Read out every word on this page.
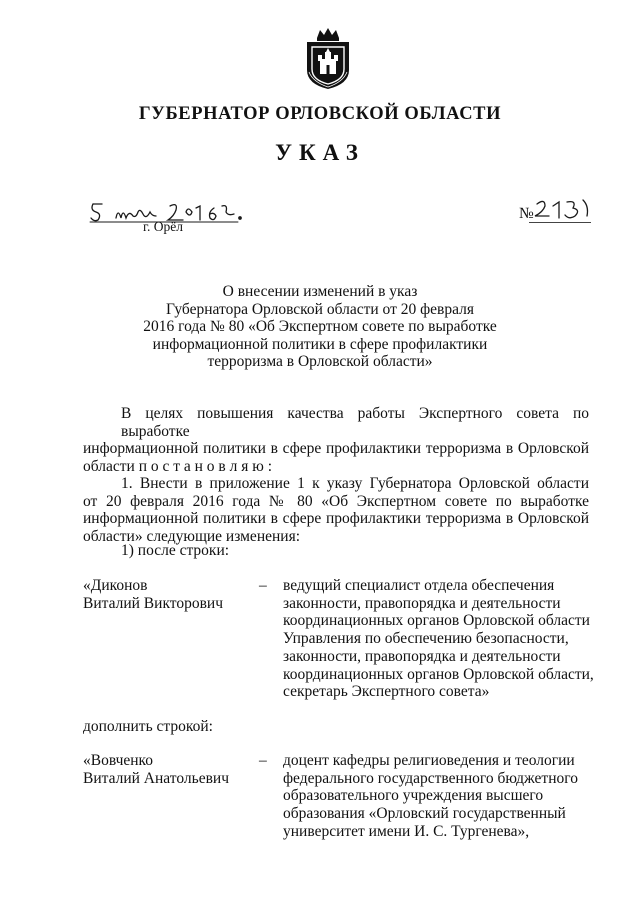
ГУБЕРНАТОР ОРЛОВСКОЙ ОБЛАСТИ
УКАЗ
г. Орёл
№
О внесении изменений в указ
Губернатора Орловской области от 20 февраля
2016 года № 80 «Об Экспертном совете по выработке
информационной политики в сфере профилактики
терроризма в Орловской области»
В целях повышения качества работы Экспертного совета по выработке
информационной политики в сфере профилактики терроризма в Орловской
области п о с т а н о в л я ю :
1. Внести в приложение 1 к указу Губернатора Орловской области
от 20 февраля 2016 года № 80 «Об Экспертном совете по выработке
информационной политики в сфере профилактики терроризма в Орловской
области» следующие изменения:
1) после строки:
«Диконов
Виталий Викторович
– ведущий специалист отдела обеспечения
законности, правопорядка и деятельности
координационных органов Орловской области
Управления по обеспечению безопасности,
законности, правопорядка и деятельности
координационных органов Орловской области,
секретарь Экспертного совета»
дополнить строкой:
«Вовченко
Виталий Анатольевич
– доцент кафедры религиоведения и теологии
федерального государственного бюджетного
образовательного учреждения высшего
образования «Орловский государственный
университет имени И. С. Тургенева»,
